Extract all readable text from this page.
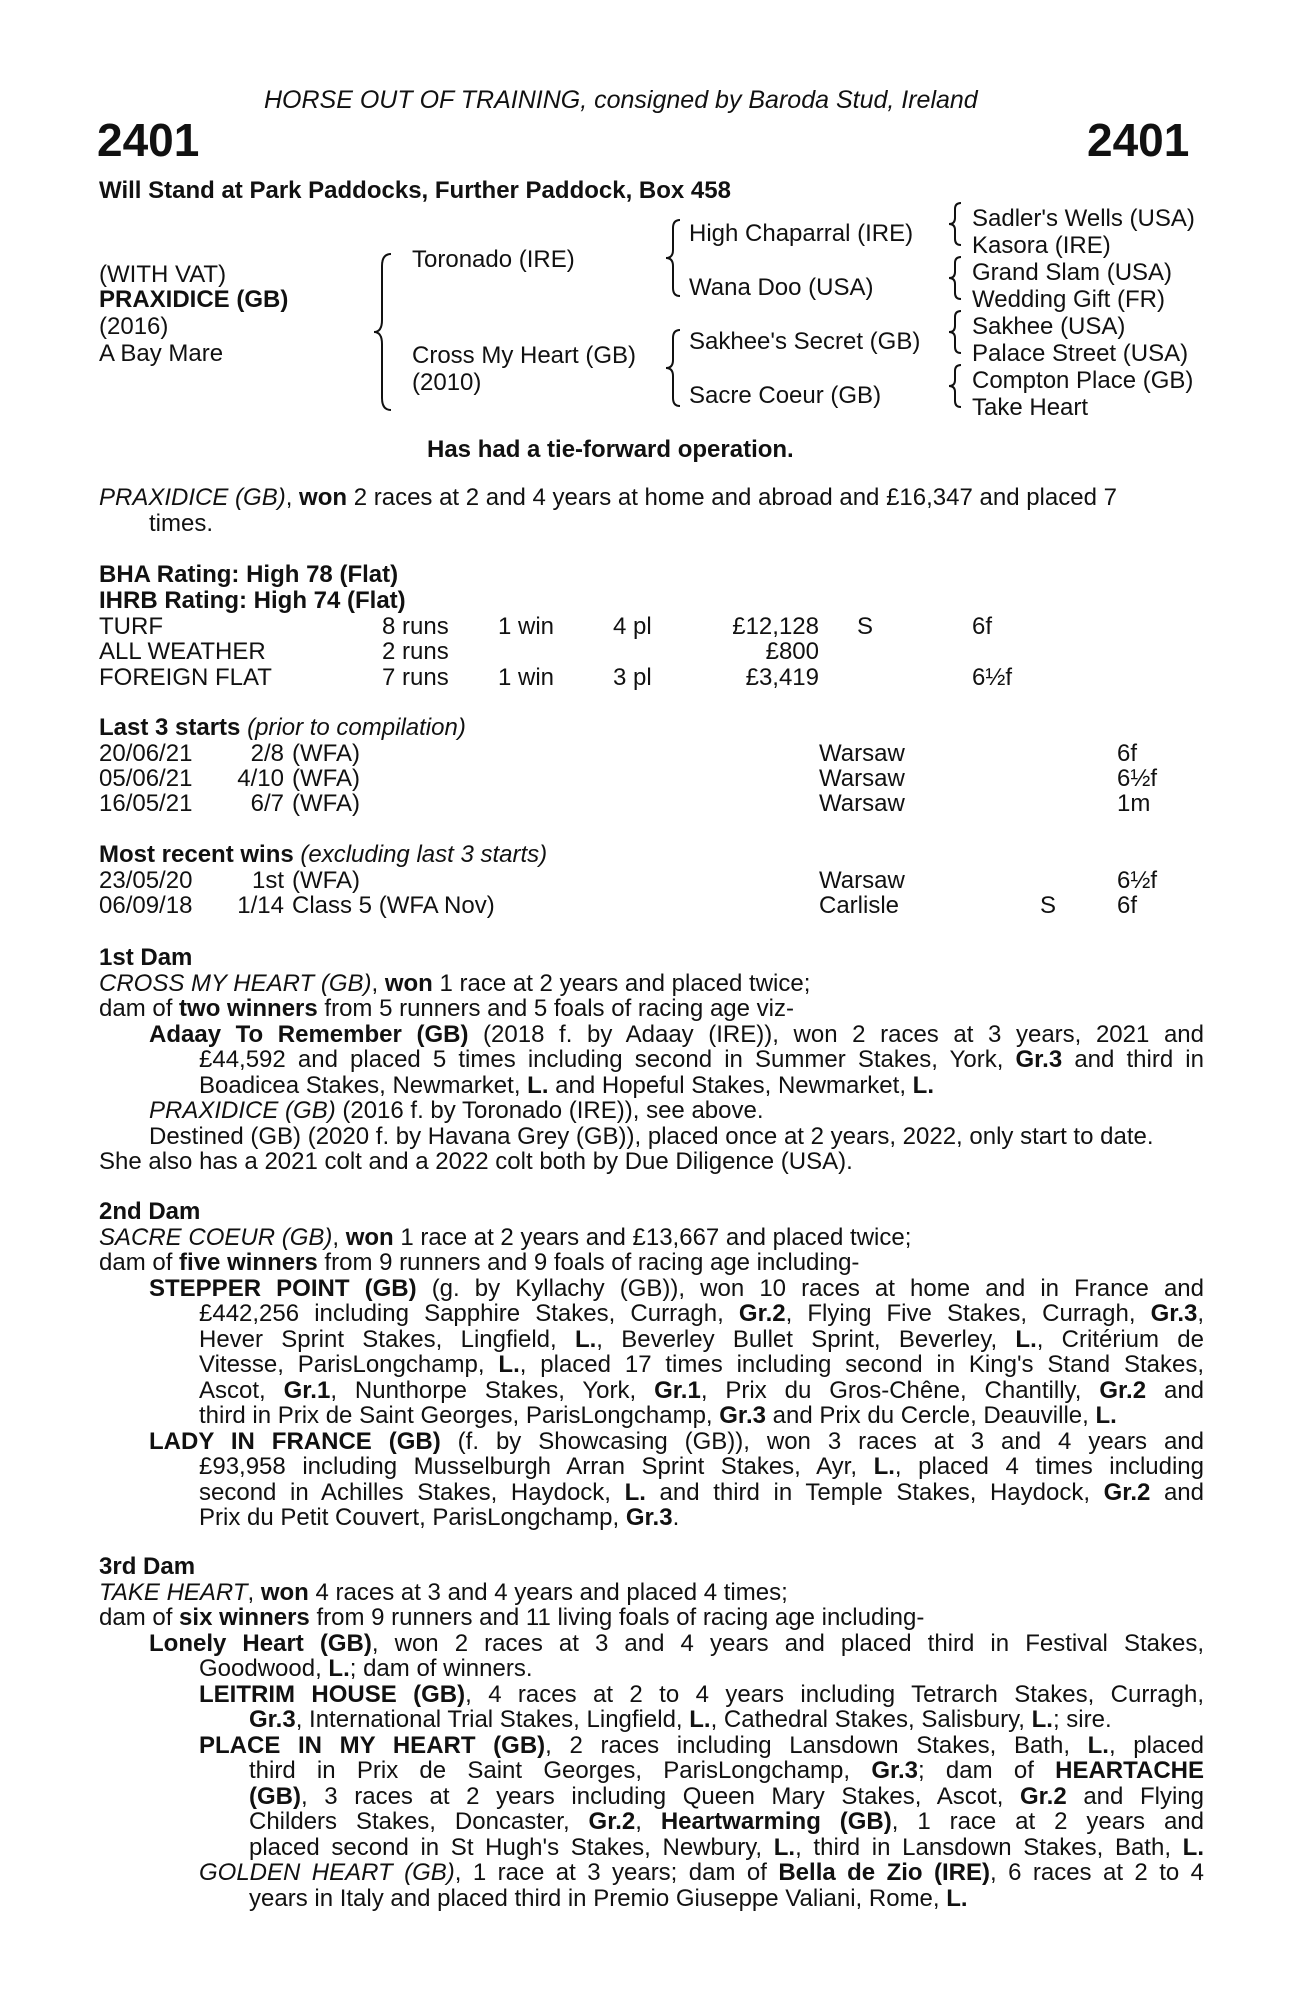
HORSE OUT OF TRAINING, consigned by Baroda Stud, Ireland
2401	2401
Will Stand at Park Paddocks, Further Paddock, Box 458
(WITH VAT)
PRAXIDICE (GB)
(2016)
A Bay Mare
Toronado (IRE)
Cross My Heart (GB)
(2010)
High Chaparral (IRE)
Wana Doo (USA)
Sakhee's Secret (GB)
Sacre Coeur (GB)
Sadler's Wells (USA)
Kasora (IRE)
Grand Slam (USA)
Wedding Gift (FR)
Sakhee (USA)
Palace Street (USA)
Compton Place (GB)
Take Heart
Has had a tie-forward operation.
PRAXIDICE (GB), won 2 races at 2 and 4 years at home and abroad and £16,347 and placed 7
times.
BHA Rating: High 78 (Flat)
IHRB Rating: High 74 (Flat)
TURF	8 runs 1 win 4 pl	£12,128 S	6f
ALL WEATHER	2 runs	£800
FOREIGN FLAT	7 runs 1 win 3 pl	£3,419	6½f
Last 3 starts (prior to compilation)
20/06/21	2/8 (WFA)	Warsaw	6f
05/06/21	4/10 (WFA)	Warsaw	6½f
16/05/21	6/7 (WFA)	Warsaw	1m
Most recent wins (excluding last 3 starts)
23/05/20	1st (WFA)	Warsaw	6½f
06/09/18	1/14 Class 5 (WFA Nov)	Carlisle	S	6f
1st Dam
CROSS MY HEART (GB), won 1 race at 2 years and placed twice;
dam of two winners from 5 runners and 5 foals of racing age viz-
Adaay To Remember (GB) (2018 f. by Adaay (IRE)), won 2 races at 3 years, 2021 and
£44,592 and placed 5 times including second in Summer Stakes, York, Gr.3 and third in
Boadicea Stakes, Newmarket, L. and Hopeful Stakes, Newmarket, L.
PRAXIDICE (GB) (2016 f. by Toronado (IRE)), see above.
Destined (GB) (2020 f. by Havana Grey (GB)), placed once at 2 years, 2022, only start to date.
She also has a 2021 colt and a 2022 colt both by Due Diligence (USA).
2nd Dam
SACRE COEUR (GB), won 1 race at 2 years and £13,667 and placed twice;
dam of five winners from 9 runners and 9 foals of racing age including-
STEPPER POINT (GB) (g. by Kyllachy (GB)), won 10 races at home and in France and
£442,256 including Sapphire Stakes, Curragh, Gr.2, Flying Five Stakes, Curragh, Gr.3,
Hever Sprint Stakes, Lingfield, L., Beverley Bullet Sprint, Beverley, L., Critérium de
Vitesse, ParisLongchamp, L., placed 17 times including second in King's Stand Stakes,
Ascot, Gr.1, Nunthorpe Stakes, York, Gr.1, Prix du Gros-Chêne, Chantilly, Gr.2 and
third in Prix de Saint Georges, ParisLongchamp, Gr.3 and Prix du Cercle, Deauville, L.
LADY IN FRANCE (GB) (f. by Showcasing (GB)), won 3 races at 3 and 4 years and
£93,958 including Musselburgh Arran Sprint Stakes, Ayr, L., placed 4 times including
second in Achilles Stakes, Haydock, L. and third in Temple Stakes, Haydock, Gr.2 and
Prix du Petit Couvert, ParisLongchamp, Gr.3.
3rd Dam
TAKE HEART, won 4 races at 3 and 4 years and placed 4 times;
dam of six winners from 9 runners and 11 living foals of racing age including-
Lonely Heart (GB), won 2 races at 3 and 4 years and placed third in Festival Stakes,
Goodwood, L.; dam of winners.
LEITRIM HOUSE (GB), 4 races at 2 to 4 years including Tetrarch Stakes, Curragh,
Gr.3, International Trial Stakes, Lingfield, L., Cathedral Stakes, Salisbury, L.; sire.
PLACE IN MY HEART (GB), 2 races including Lansdown Stakes, Bath, L., placed
third in Prix de Saint Georges, ParisLongchamp, Gr.3; dam of HEARTACHE
(GB), 3 races at 2 years including Queen Mary Stakes, Ascot, Gr.2 and Flying
Childers Stakes, Doncaster, Gr.2, Heartwarming (GB), 1 race at 2 years and
placed second in St Hugh's Stakes, Newbury, L., third in Lansdown Stakes, Bath, L.
GOLDEN HEART (GB), 1 race at 3 years; dam of Bella de Zio (IRE), 6 races at 2 to 4
years in Italy and placed third in Premio Giuseppe Valiani, Rome, L.
